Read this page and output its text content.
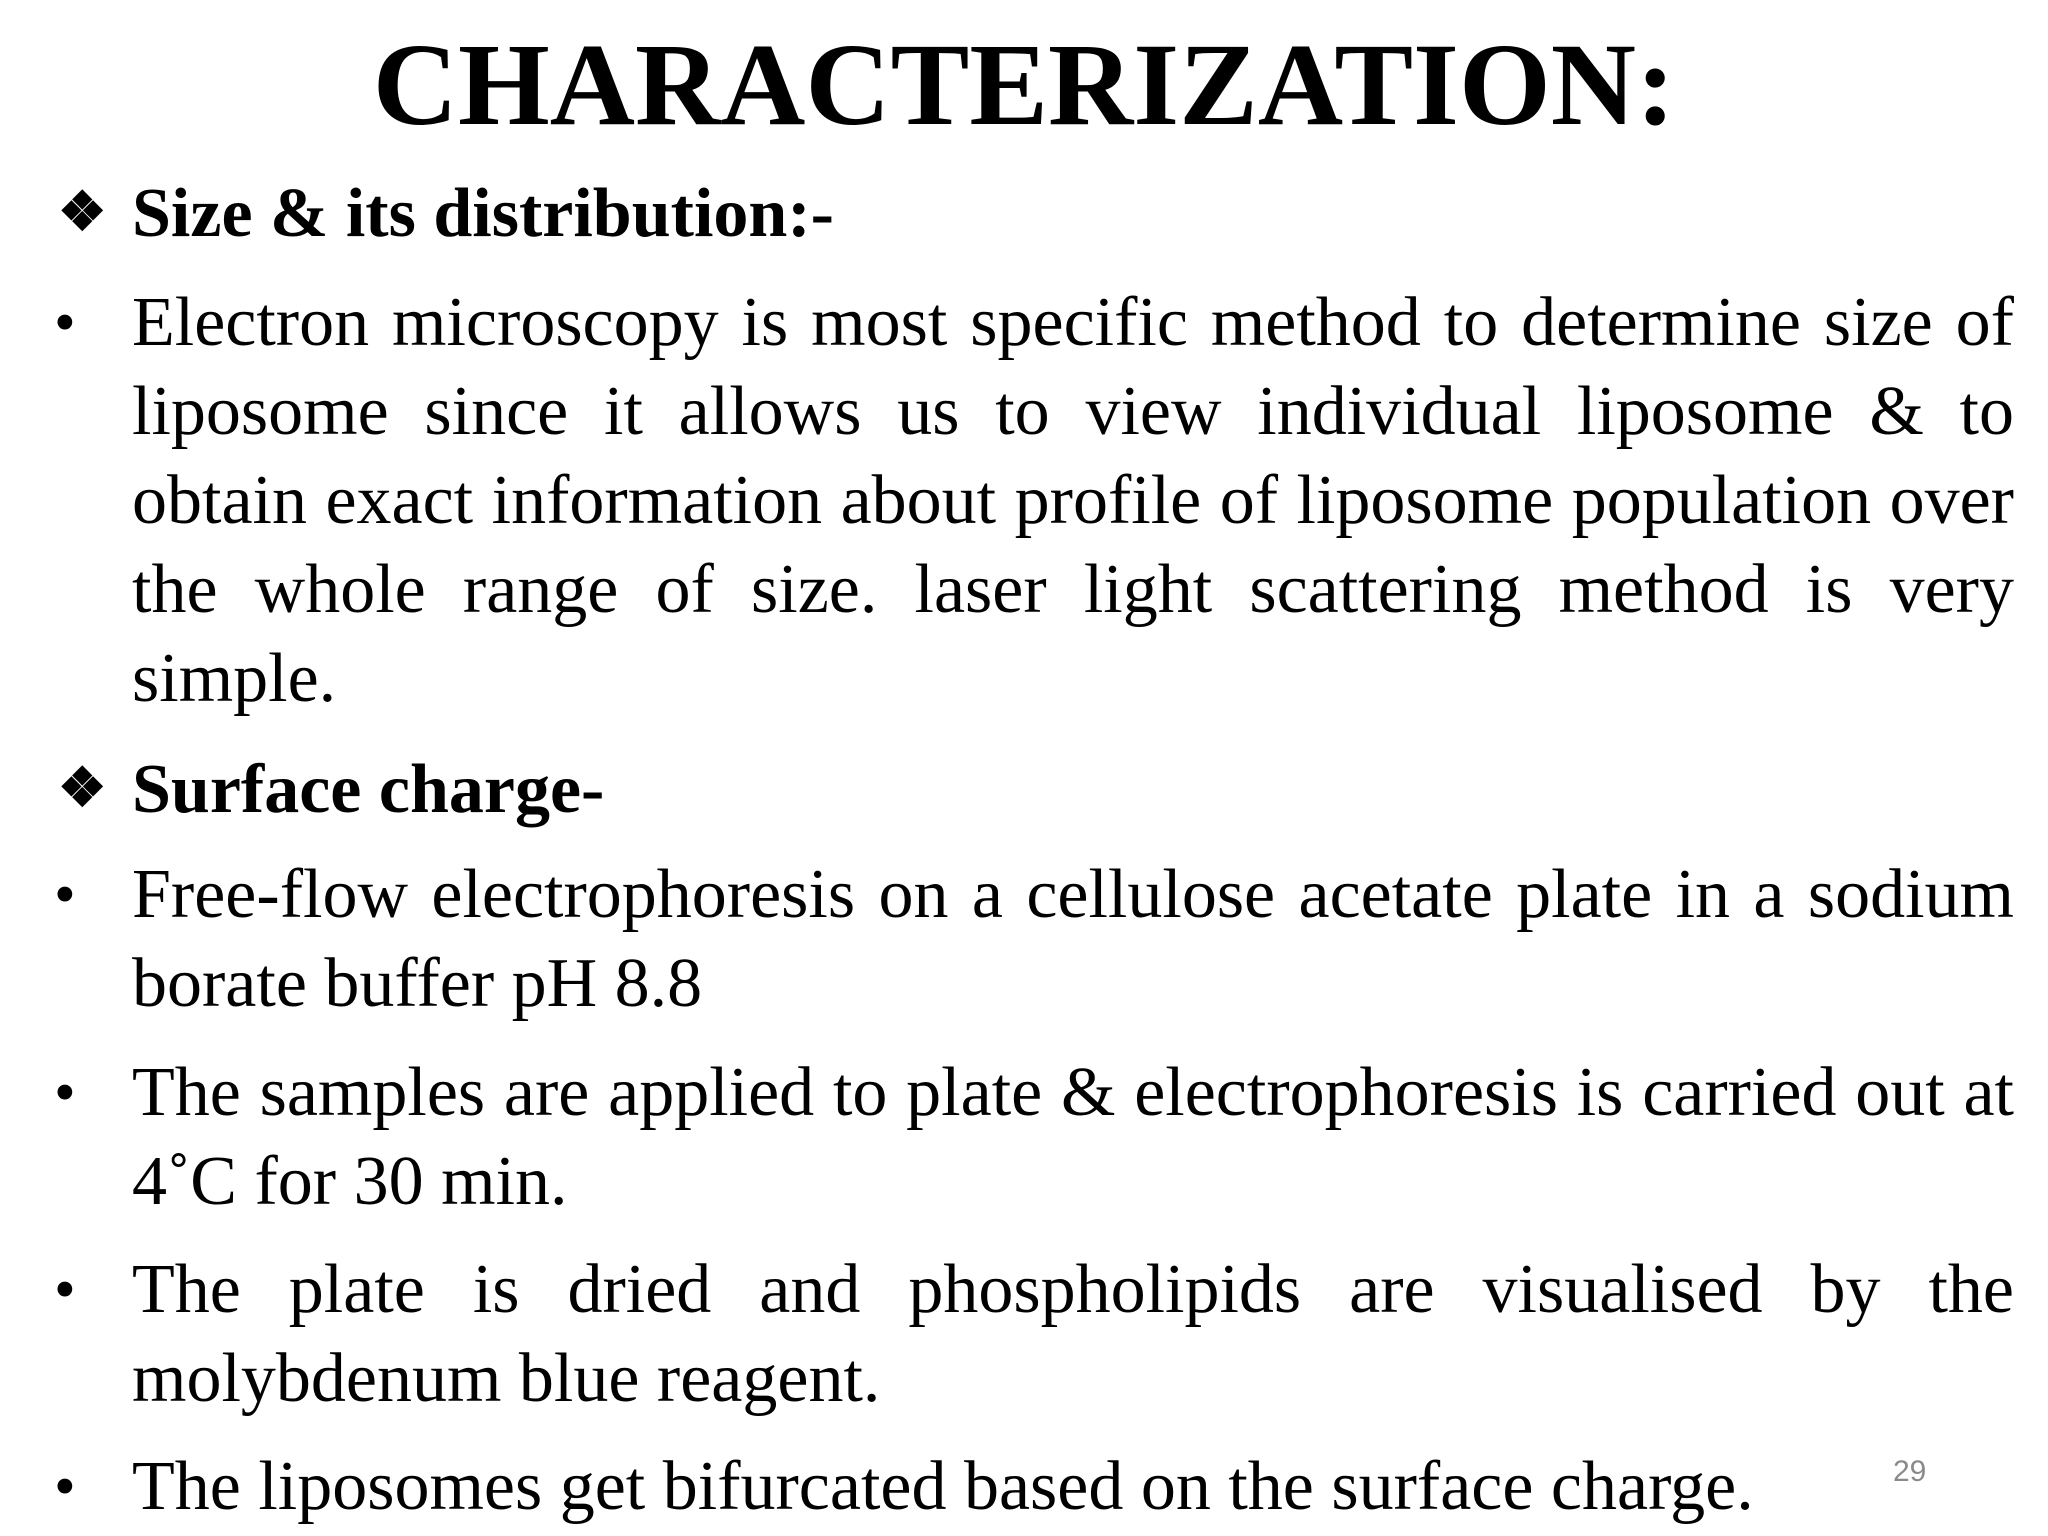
CHARACTERIZATION:
❖ Size & its distribution:-
• Electron microscopy is most specific method to determine size of liposome since it allows us to view individual liposome & to obtain exact information about profile of liposome population over the whole range of size. laser light scattering method is very simple.
❖ Surface charge-
• Free-flow electrophoresis on a cellulose acetate plate in a sodium borate buffer pH 8.8
• The samples are applied to plate & electrophoresis is carried out at 4˚C for 30 min.
• The plate is dried and phospholipids are visualised by the molybdenum blue reagent.
• The liposomes get bifurcated based on the surface charge.	29
